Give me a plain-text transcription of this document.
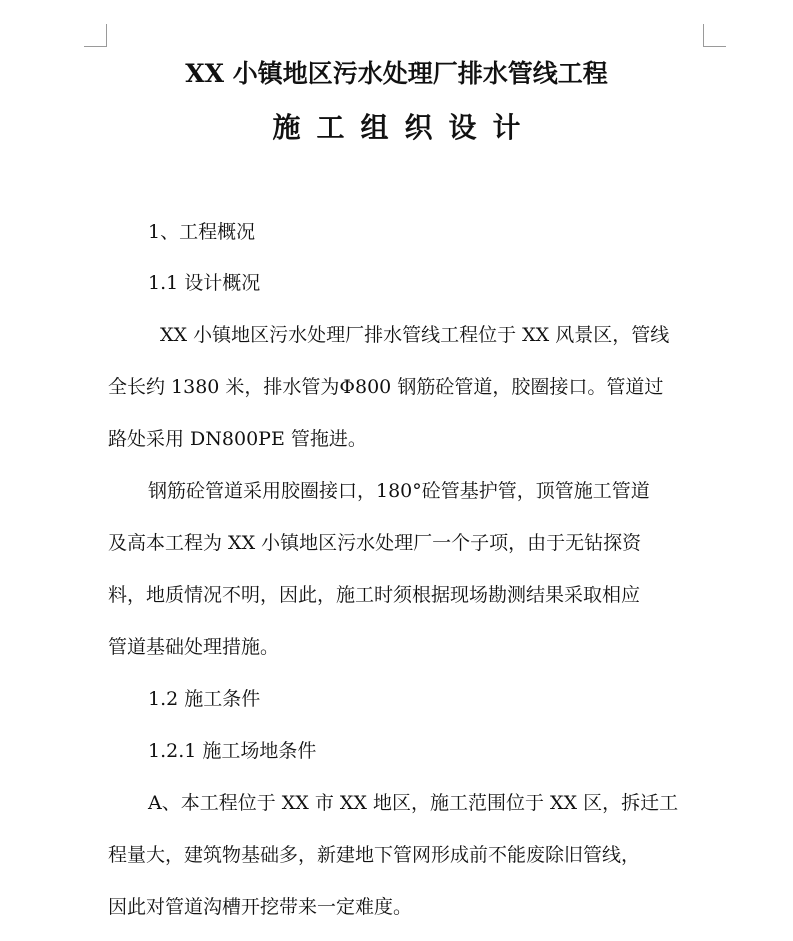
XX 小镇地区污水处理厂排水管线工程
施工组织设计
1、工程概况
1.1 设计概况
XX 小镇地区污水处理厂排水管线工程位于 XX 风景区，管线
全长约 1380 米，排水管为Φ800 钢筋砼管道，胶圈接口。管道过
路处采用 DN800PE 管拖进。
钢筋砼管道采用胶圈接口，180°砼管基护管，顶管施工管道
及高本工程为 XX 小镇地区污水处理厂一个子项，由于无钻探资
料，地质情况不明，因此，施工时须根据现场勘测结果采取相应
管道基础处理措施。
1.2 施工条件
1.2.1 施工场地条件
A、本工程位于 XX 市 XX 地区，施工范围位于 XX 区，拆迁工
程量大，建筑物基础多，新建地下管网形成前不能废除旧管线，
因此对管道沟槽开挖带来一定难度。
